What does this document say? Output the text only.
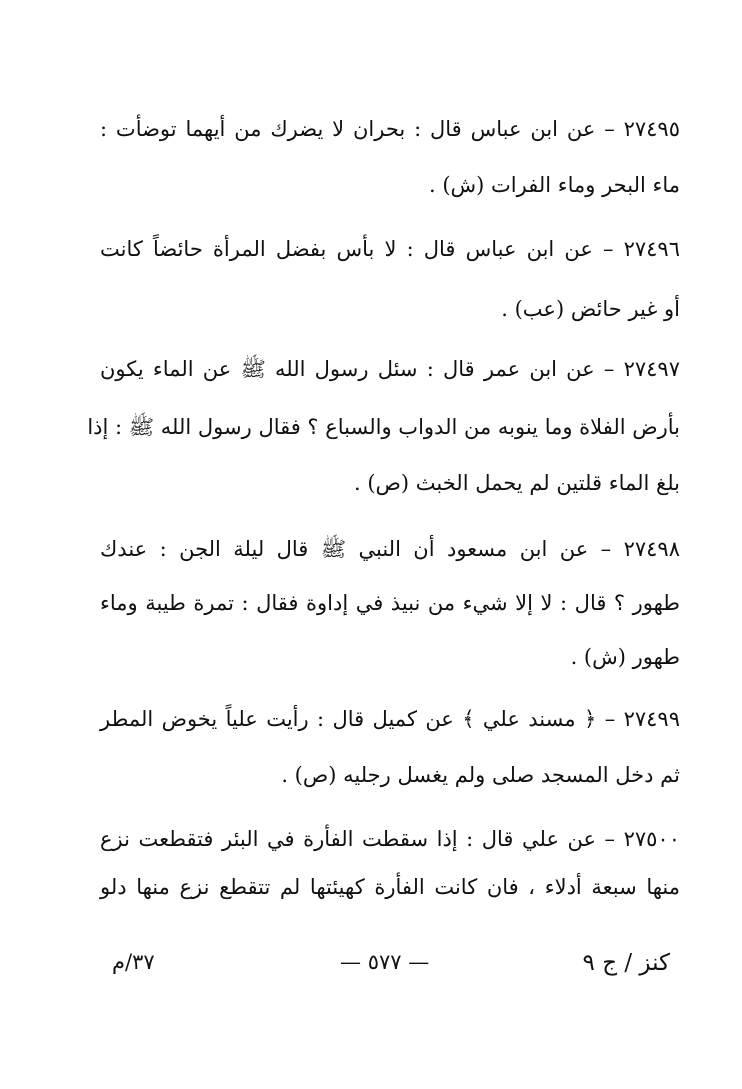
٢٧٤٩٥ – عن ابن عباس قال : بحران لا يضرك من أيهما توضأت :
ماء البحر وماء الفرات (ش) .
٢٧٤٩٦ – عن ابن عباس قال : لا بأس بفضل المرأة حائضاً كانت
أو غير حائض (عب) .
٢٧٤٩٧ – عن ابن عمر قال : سئل رسول الله ﷺ عن الماء يكون
بأرض الفلاة وما ينوبه من الدواب والسباع ؟ فقال رسول الله ﷺ : إذا
بلغ الماء قلتين لم يحمل الخبث (ص) .
٢٧٤٩٨ – عن ابن مسعود أن النبي ﷺ قال ليلة الجن : عندك
طهور ؟ قال : لا إلا شيء من نبيذ في إداوة فقال : تمرة طيبة وماء
طهور (ش) .
٢٧٤٩٩ – ﴿ مسند علي ﴾ عن كميل قال : رأيت علياً يخوض المطر
ثم دخل المسجد صلى ولم يغسل رجليه (ص) .
٢٧٥٠٠ – عن علي قال : إذا سقطت الفأرة في البئر فتقطعت نزع
منها سبعة أدلاء ، فان كانت الفأرة كهيئتها لم تتقطع نزع منها دلو
كنز / ج ٩
— ٥٧٧ —
٣٧/م
